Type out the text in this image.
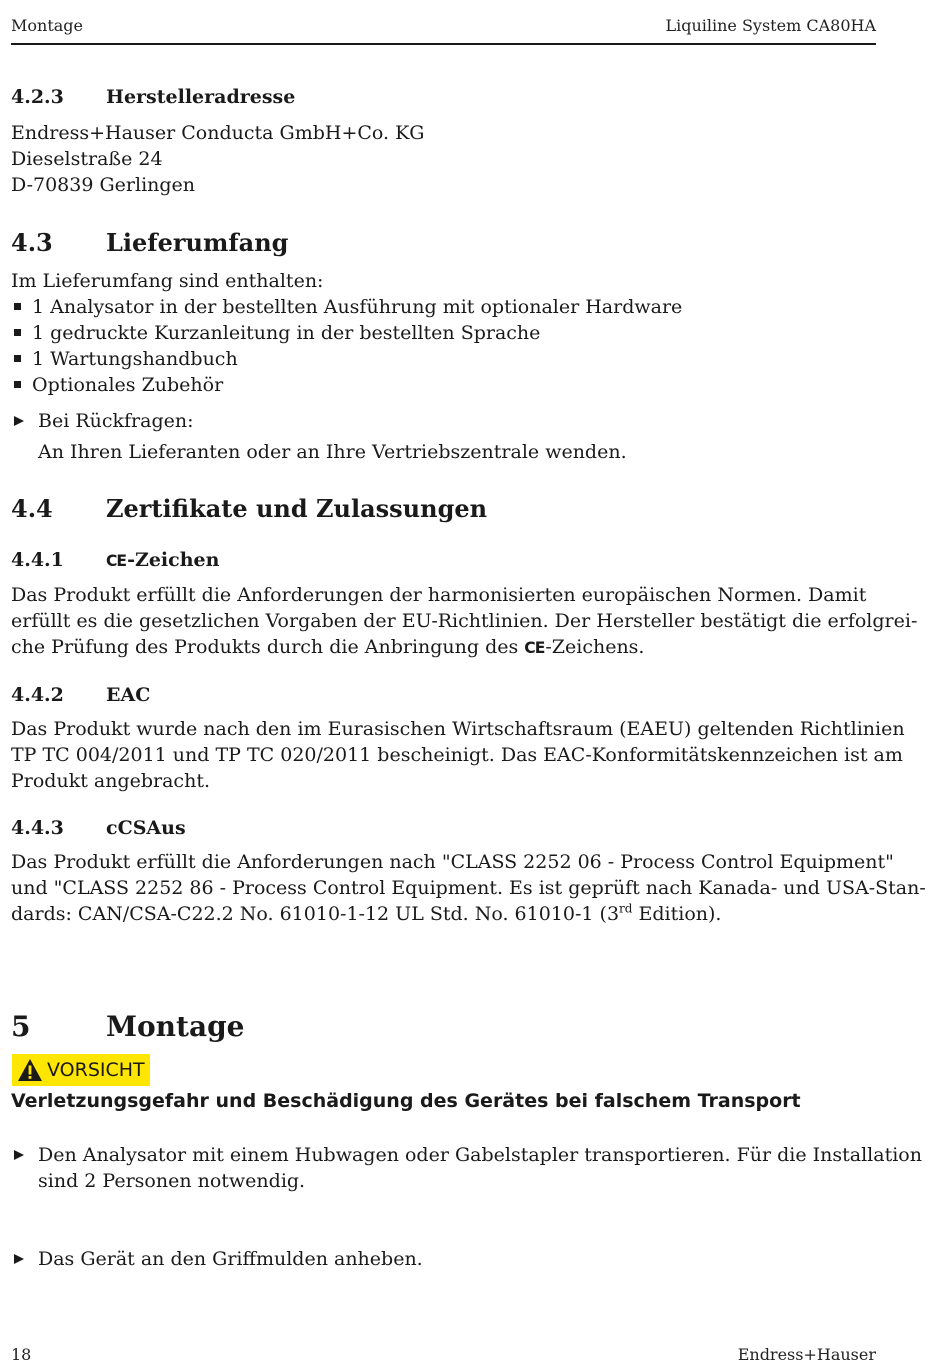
Montage	Liquiline System CA80HA
4.2.3 Herstelleradresse
Endress+Hauser Conducta GmbH+Co. KG
Dieselstraße 24
D-70839 Gerlingen
4.3 Lieferumfang
Im Lieferumfang sind enthalten:
1 Analysator in der bestellten Ausführung mit optionaler Hardware
1 gedruckte Kurzanleitung in der bestellten Sprache
1 Wartungshandbuch
Optionales Zubehör
Bei Rückfragen:
An Ihren Lieferanten oder an Ihre Vertriebszentrale wenden.
4.4 Zertifikate und Zulassungen
4.4.1	CE-Zeichen
Das Produkt erfüllt die Anforderungen der harmonisierten europäischen Normen. Damit
erfüllt es die gesetzlichen Vorgaben der EU-Richtlinien. Der Hersteller bestätigt die erfolgrei-
che Prüfung des Produkts durch die Anbringung des CE-Zeichens.
4.4.2 EAC
Das Produkt wurde nach den im Eurasischen Wirtschaftsraum (EAEU) geltenden Richtlinien
TP TC 004/2011 und TP TC 020/2011 bescheinigt. Das EAC-Konformitätskennzeichen ist am
Produkt angebracht.
4.4.3 cCSAus
Das Produkt erfüllt die Anforderungen nach "CLASS 2252 06 - Process Control Equipment"
und "CLASS 2252 86 - Process Control Equipment. Es ist geprüft nach Kanada- und USA-Stan-
dards: CAN/CSA-C22.2 No. 61010-1-12 UL Std. No. 61010-1 (3rd Edition).
5	Montage
VORSICHT
Verletzungsgefahr und Beschädigung des Gerätes bei falschem Transport
Den Analysator mit einem Hubwagen oder Gabelstapler transportieren. Für die Installation
sind 2 Personen notwendig.
Das Gerät an den Griffmulden anheben.
18	Endress+Hauser
